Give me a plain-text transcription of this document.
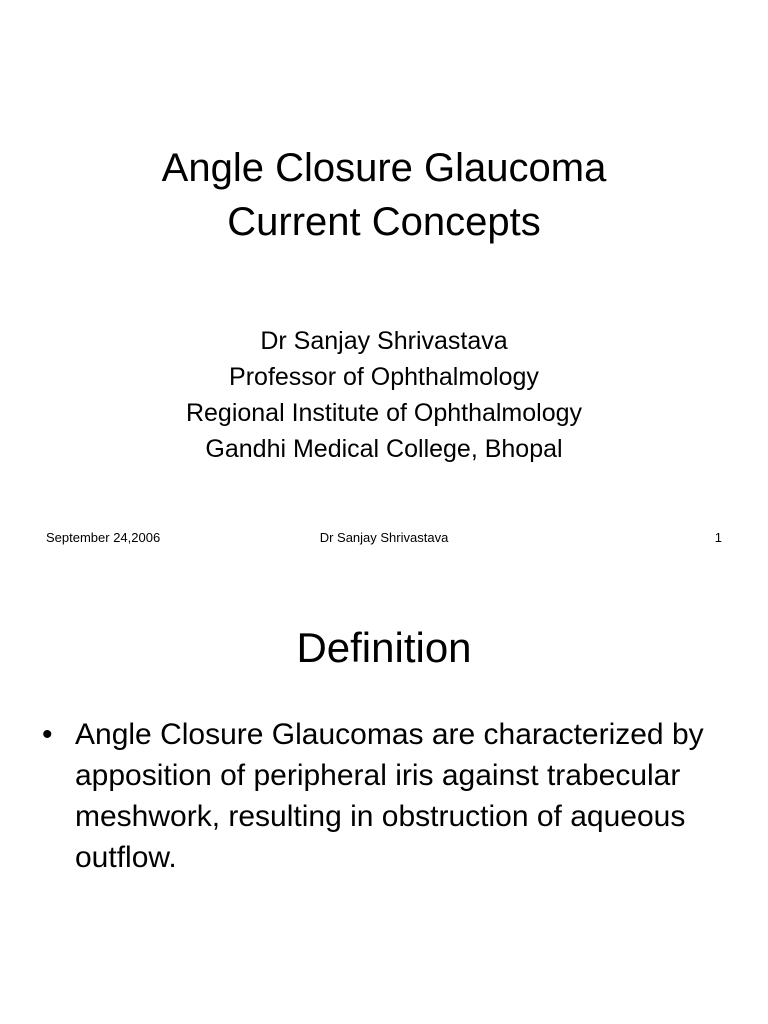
Angle Closure Glaucoma
Current Concepts
Dr Sanjay Shrivastava
Professor of Ophthalmology
Regional Institute of Ophthalmology
Gandhi Medical College, Bhopal
September 24,2006	Dr Sanjay Shrivastava	1
Definition
• Angle Closure Glaucomas are characterized by apposition of peripheral iris against trabecular meshwork, resulting in obstruction of aqueous outflow.
